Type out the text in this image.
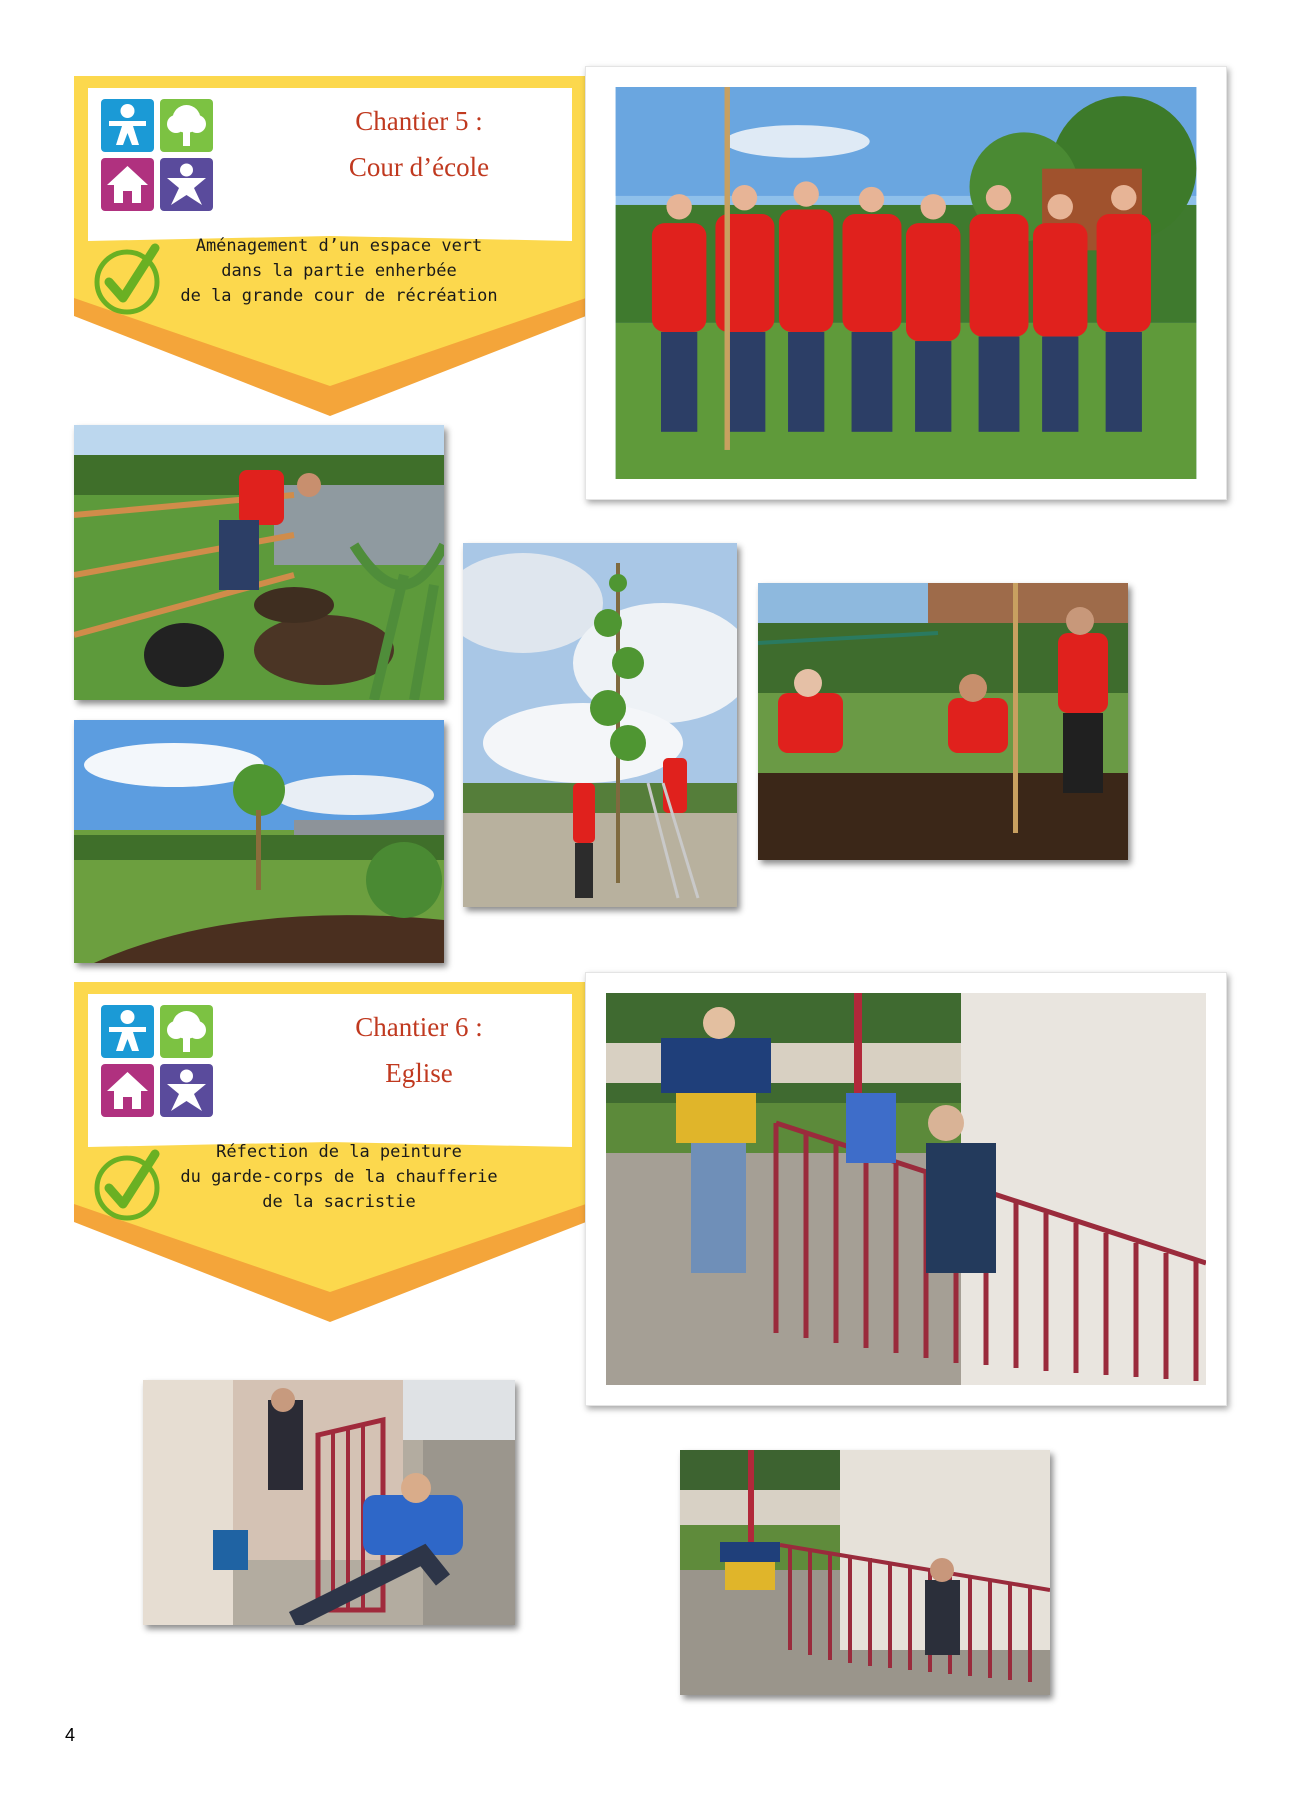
Chantier 5 :
Cour d’école
Aménagement d’un espace vert
dans la partie enherbée
de la grande cour de récréation
Chantier 6 :
Eglise
Réfection de la peinture
du garde-corps de la chaufferie
de la sacristie
4
